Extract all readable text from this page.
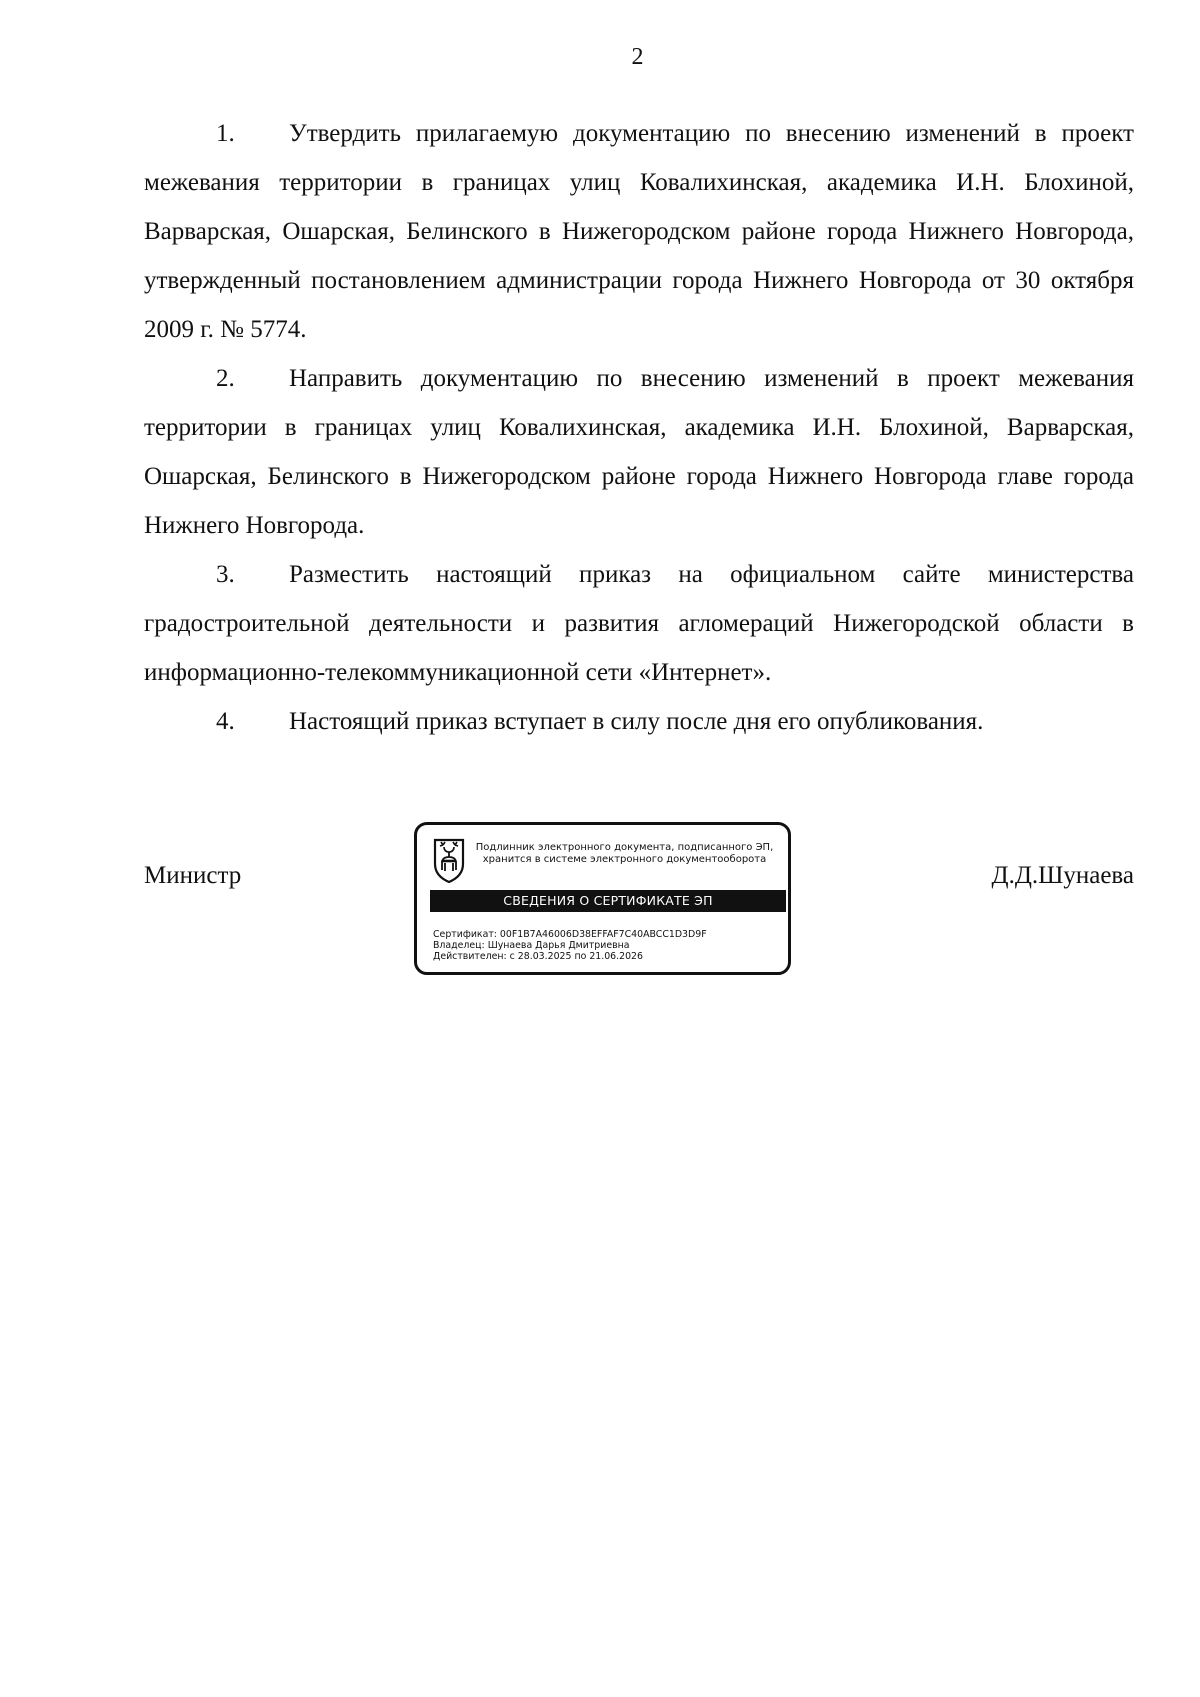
2

1. Утвердить прилагаемую документацию по внесению изменений в проект межевания территории в границах улиц Ковалихинская, академика И.Н. Блохиной, Варварская, Ошарская, Белинского в Нижегородском районе города Нижнего Новгорода, утвержденный постановлением администрации города Нижнего Новгорода от 30 октября 2009 г. № 5774.

2. Направить документацию по внесению изменений в проект межевания территории в границах улиц Ковалихинская, академика И.Н. Блохиной, Варварская, Ошарская, Белинского в Нижегородском районе города Нижнего Новгорода главе города Нижнего Новгорода.

3. Разместить настоящий приказ на официальном сайте министерства градостроительной деятельности и развития агломераций Нижегородской области в информационно-телекоммуникационной сети «Интернет».

4. Настоящий приказ вступает в силу после дня его опубликования.

Министр
Подлинник электронного документа, подписанного ЭП,
хранится в системе электронного документооборота
СВЕДЕНИЯ О СЕРТИФИКАТЕ ЭП
Сертификат: 00F1B7A46006D38EFFAF7C40ABCC1D3D9F
Владелец: Шунаева Дарья Дмитриевна
Действителен: с 28.03.2025 по 21.06.2026
Д.Д.Шунаева
